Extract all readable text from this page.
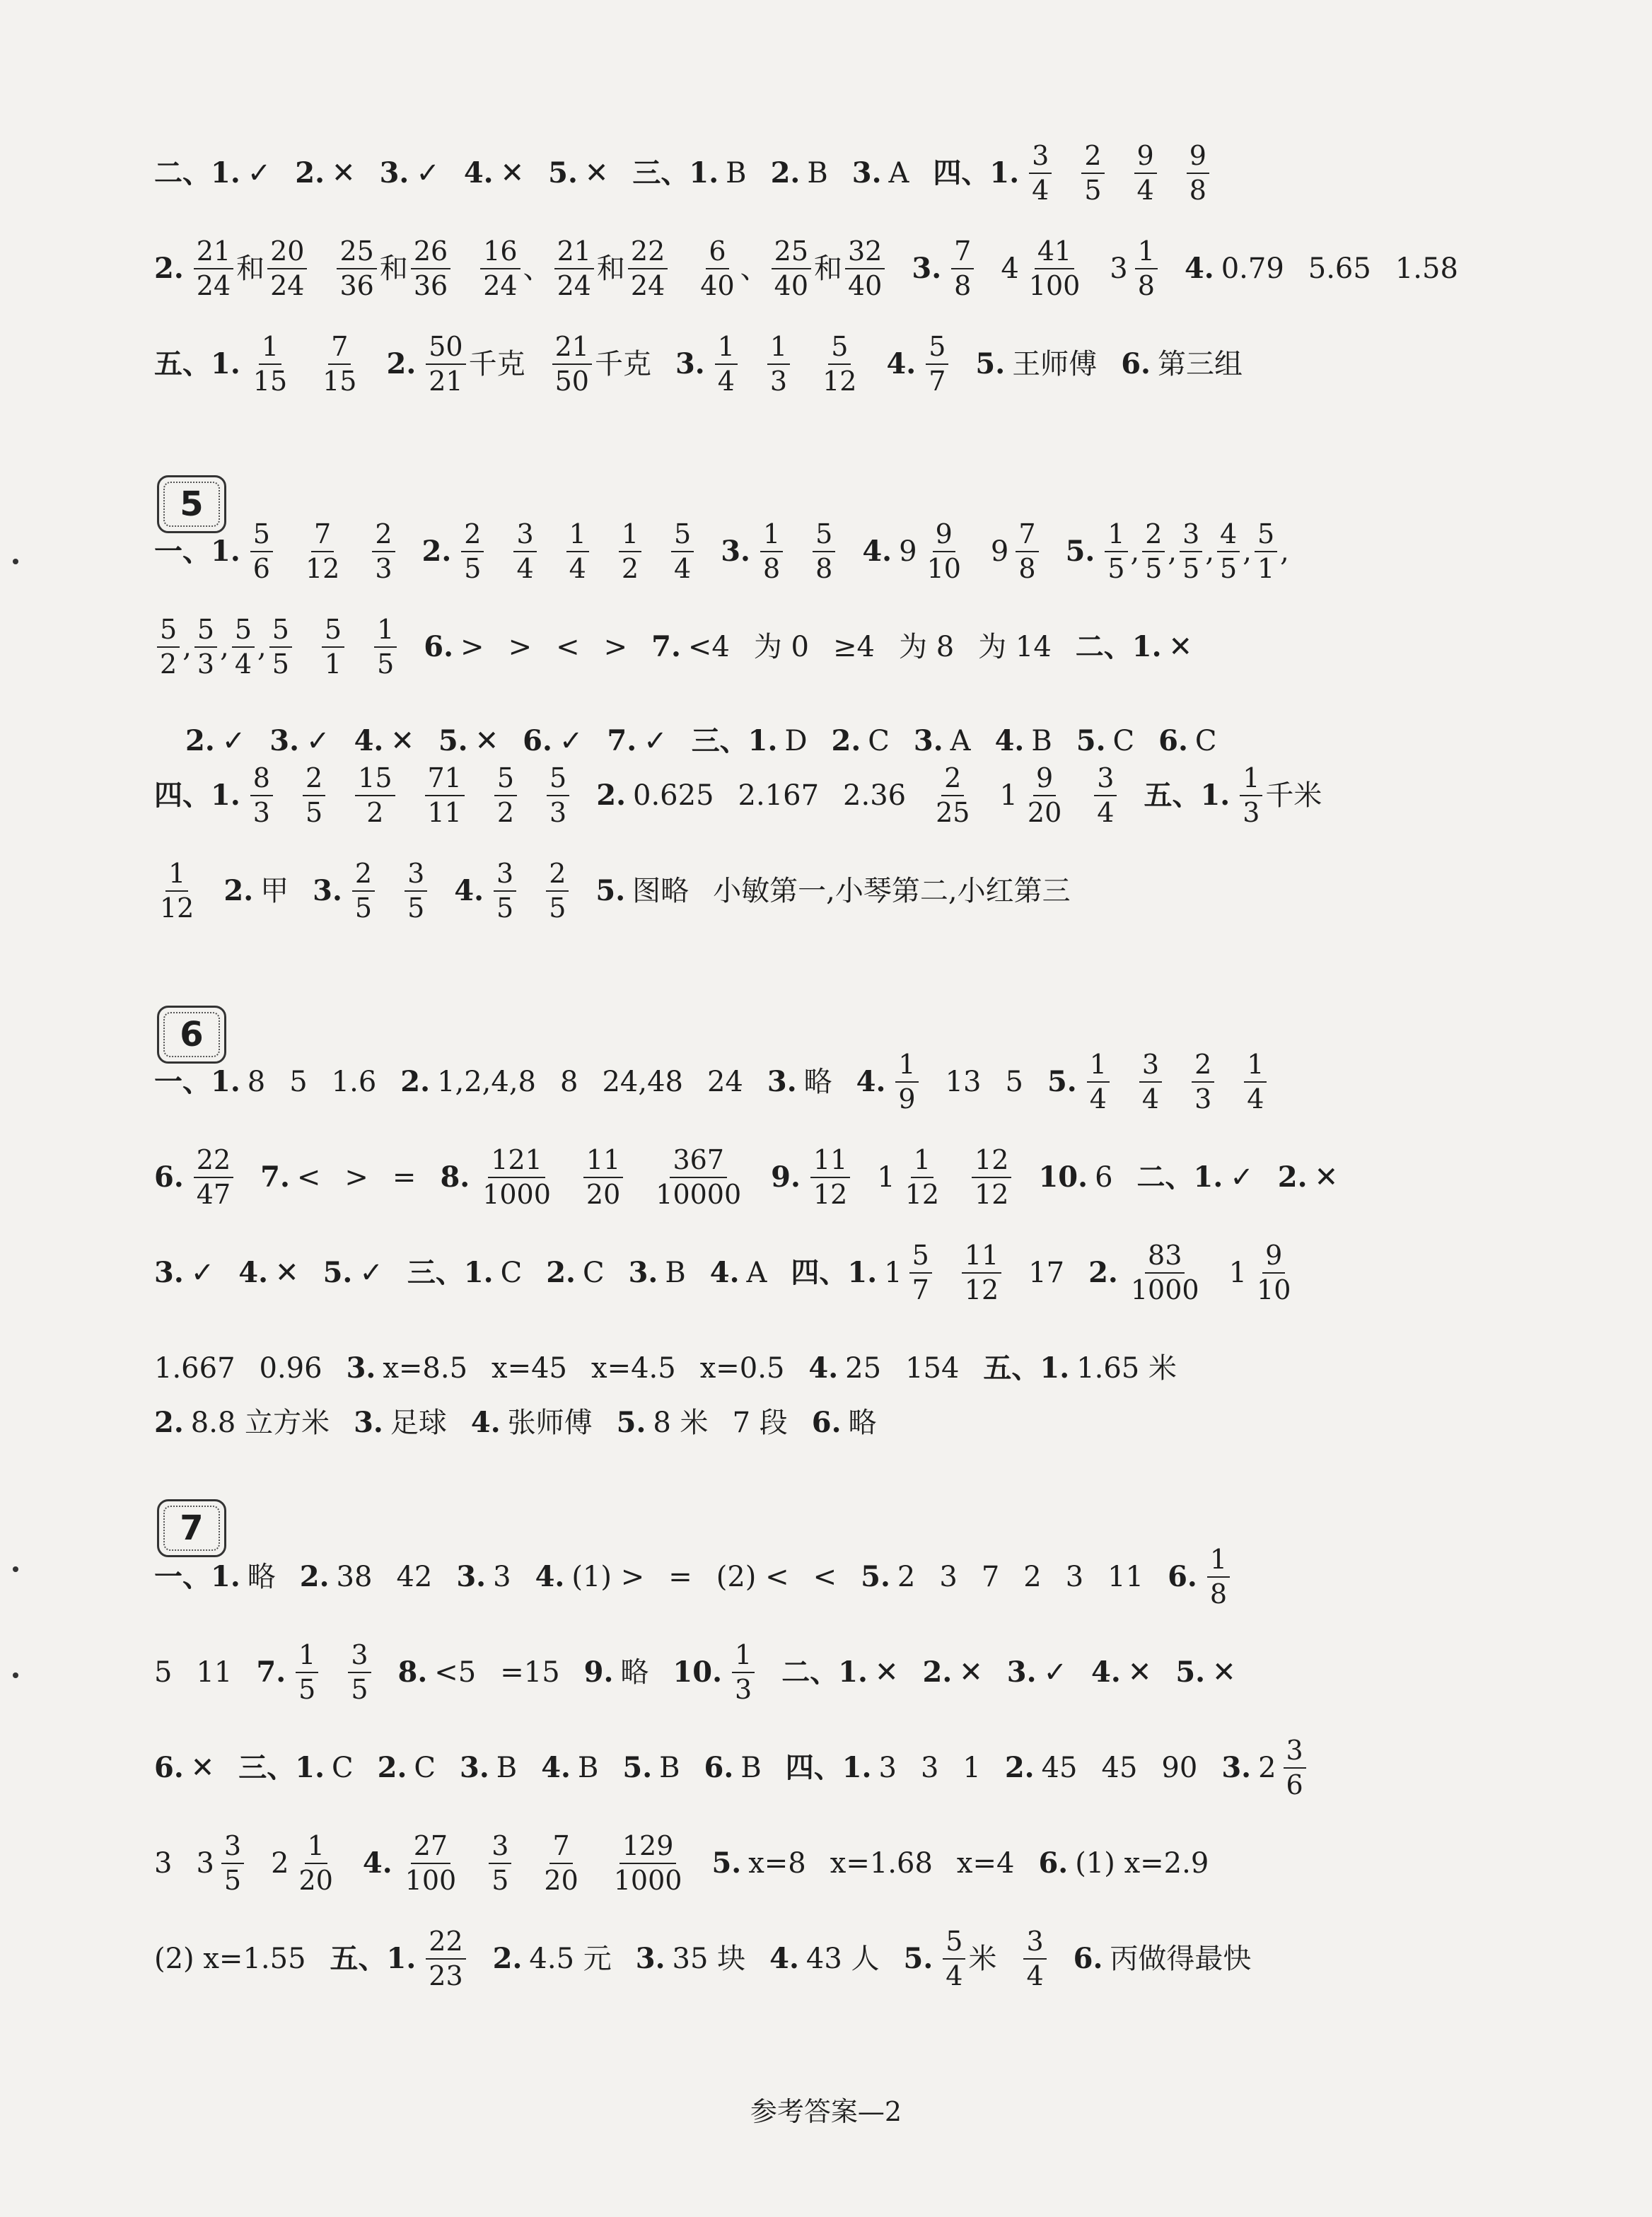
5
6
7
二、1. ✓ 2. ✕ 3. ✓ 4. ✕ 5. ✕ 三、1. B 2. B 3. A 四、1. $\frac{3}{4} \frac{2}{5} \frac{9}{4} \frac{9}{8}$
2. $\frac{21}{24}$ 和 $\frac{20}{24} \frac{25}{36}$ 和 $\frac{26}{36} \frac{16}{24}$ 、 $\frac{21}{24}$ 和 $\frac{22}{24} \frac{6}{40}$ 、 $\frac{25}{40}$ 和 $\frac{32}{40} 3$. $\frac{7}{8} 4 \frac{41}{100} 3 \frac{1}{8} 4$. 0.79 5.65 1.58
五、1. $\frac{1}{15} \frac{7}{15} 2$. $\frac{50}{21}$ 千克 $\frac{21}{50}$ 千克 3. $\frac{1}{4} \frac{1}{3} \frac{5}{12} 4$. $\frac{5}{7} 5$. 王师傅 6. 第三组
一、1. $\frac{5}{6} \frac{7}{12} \frac{2}{3} 2$. $\frac{2}{5} \frac{3}{4} \frac{1}{4} \frac{1}{2} \frac{5}{4} 3$. $\frac{1}{8} \frac{5}{8} 4$. $9 \frac{9}{10} 9 \frac{7}{8} 5$. $\frac{1}{5}$ , $\frac{2}{5}$ , $\frac{3}{5}$ , $\frac{4}{5}$ , $\frac{5}{1}$ ,
$\frac{5}{2}$ , $\frac{5}{3}$ , $\frac{5}{4}$ , $\frac{5}{5} \frac{5}{1} \frac{1}{5} 6$. > > < > 7. <4 为 0 ≥4 为 8 为 14 二、1. ✕
2. ✓ 3. ✓ 4. ✕ 5. ✕ 6. ✓ 7. ✓ 三、1. D 2. C 3. A 4. B 5. C 6. C
四、1. $\frac{8}{3} \frac{2}{5} \frac{15}{2} \frac{71}{11} \frac{5}{2} \frac{5}{3} 2$. 0.625 2.167 $2.36 \frac{2}{25} 1 \frac{9}{20} \frac{3}{4}$ 五、1. $\frac{1}{3}$ 千米
$\frac{1}{12} 2$. 甲 3. $\frac{2}{5} \frac{3}{5} 4$. $\frac{3}{5} \frac{2}{5} 5$. 图略 小敏第一,小琴第二,小红第三
一、1. 8 5 1.6 2. 1,2,4,8 8 24,48 24 3. 略 4. $\frac{1}{9} 13$ 5 5. $\frac{1}{4} \frac{3}{4} \frac{2}{3} \frac{1}{4}$
6. $\frac{22}{47} 7$. < > = 8. $\frac{121}{1000} \frac{11}{20} \frac{367}{10000} 9$. $\frac{11}{12} 1 \frac{1}{12} \frac{12}{12} 10$. 6 二、1. ✓ 2. ✕
3. ✓ 4. ✕ 5. ✓ 三、1. C 2. C 3. B 4. A 四、1. $1 \frac{5}{7} \frac{11}{12} 17$ 2. $\frac{83}{1000} 1 \frac{9}{10}$
1.667 0.96 3. x=8.5 x=45 x=4.5 x=0.5 4. 25 154 五、1. 1.65 米
2. 8.8 立方米 3. 足球 4. 张师傅 5. 8 米 7 段 6. 略
一、1. 略 2. 38 42 3. 3 4. (1) > = (2) < < 5. 2 3 7 2 3 11 6. $\frac{1}{8}$
5 11 7. $\frac{1}{5} \frac{3}{5} 8$. <5 =15 9. 略 10. $\frac{1}{3}$ 二、1. ✕ 2. ✕ 3. ✓ 4. ✕ 5. ✕
6. ✕ 三、1. C 2. C 3. B 4. B 5. B 6. B 四、1. 3 3 1 2. 45 45 90 3. $2 \frac{3}{6}$
3 $3 \frac{3}{5} 2 \frac{1}{20} 4$. $\frac{27}{100} \frac{3}{5} \frac{7}{20} \frac{129}{1000} 5$. x=8 x=1.68 x=4 6. (1) x=2.9
(2) x=1.55 五、1. $\frac{22}{23} 2$. 4.5 元 3. 35 块 4. 43 人 5. $\frac{5}{4}$ 米 $\frac{3}{4} 6$. 丙做得最快
参考答案—2
